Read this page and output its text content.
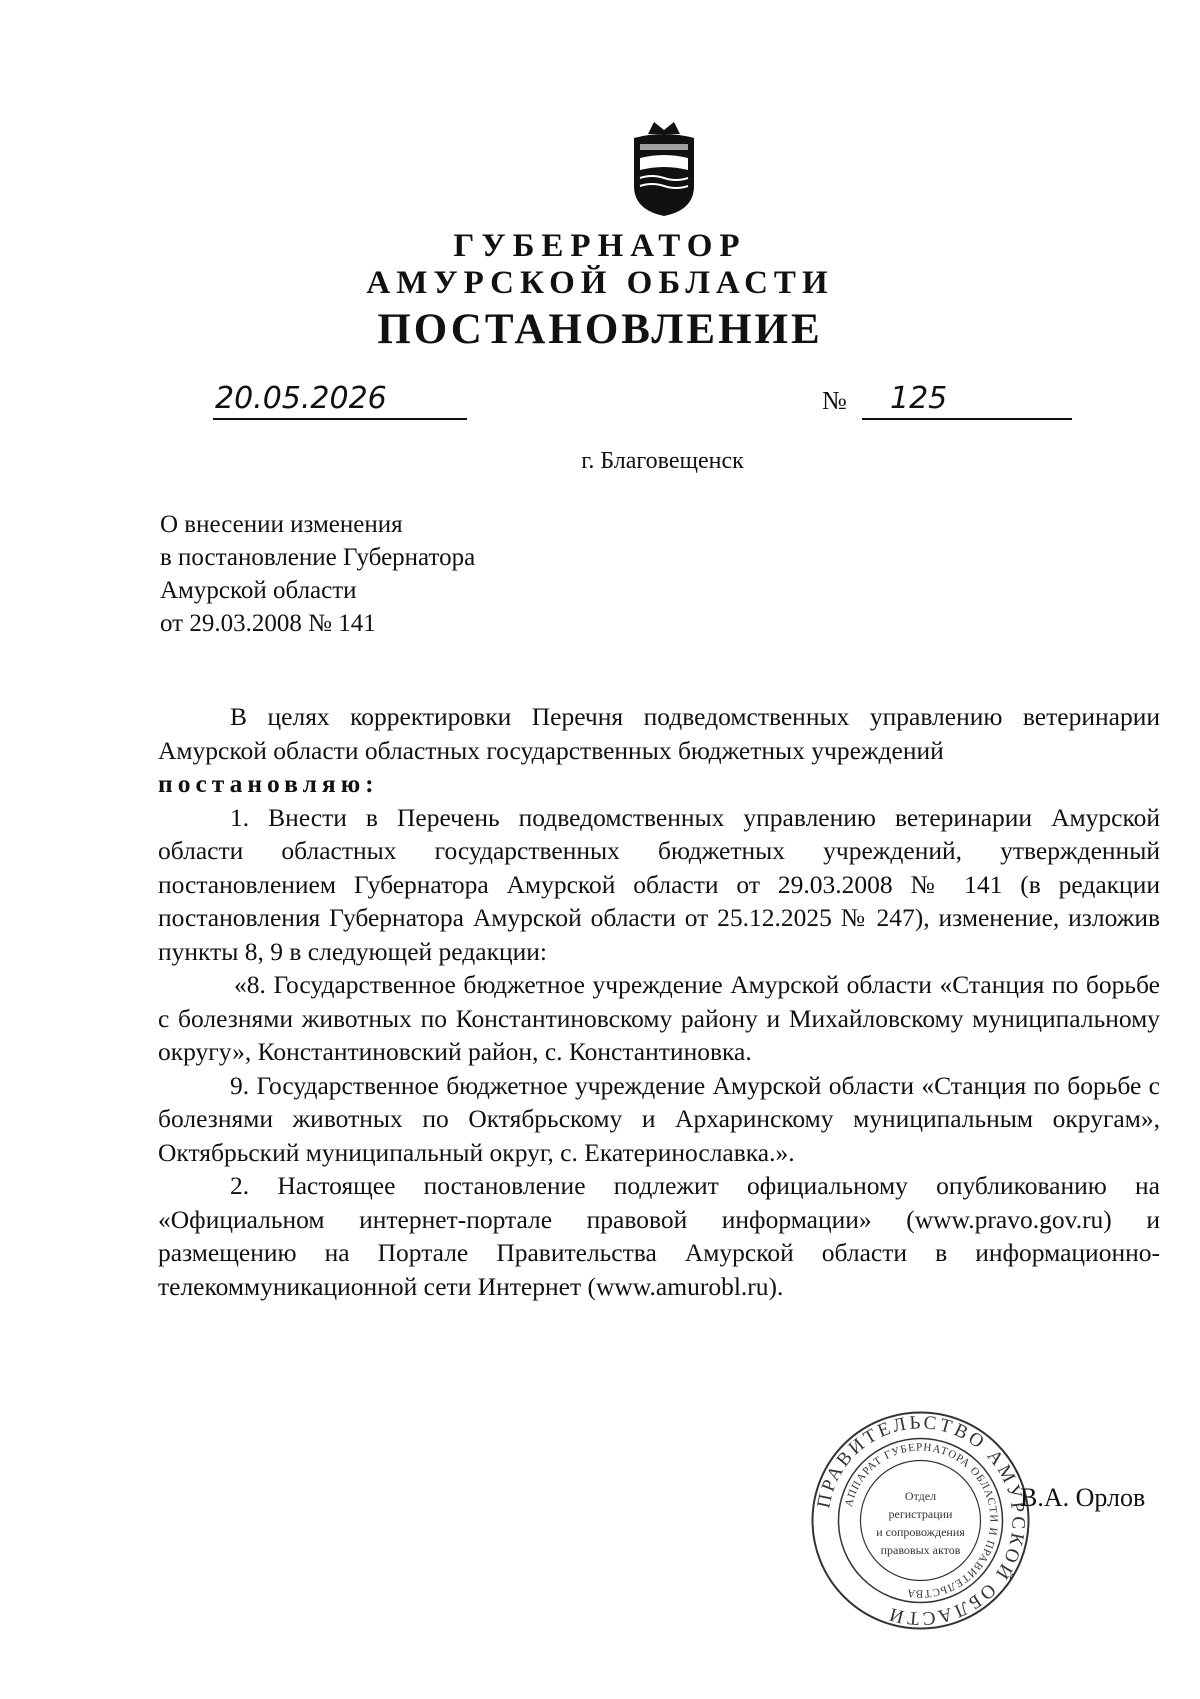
ГУБЕРНАТОР
АМУРСКОЙ ОБЛАСТИ
ПОСТАНОВЛЕНИЕ
20.05.2026	№ 125
г. Благовещенск
О внесении изменения
в постановление Губернатора
Амурской области
от 29.03.2008 № 141

В целях корректировки Перечня подведомственных управлению ветеринарии Амурской области областных государственных бюджетных учреждений

постановляю:

1. Внести в Перечень подведомственных управлению ветеринарии Амурской области областных государственных бюджетных учреждений, утвержденный постановлением Губернатора Амурской области от 29.03.2008 № 141 (в редакции постановления Губернатора Амурской области от 25.12.2025 № 247), изменение, изложив пункты 8, 9 в следующей редакции:

«8. Государственное бюджетное учреждение Амурской области «Станция по борьбе с болезнями животных по Константиновскому району и Михайловскому муниципальному округу», Константиновский район, с. Константиновка.

9. Государственное бюджетное учреждение Амурской области «Станция по борьбе с болезнями животных по Октябрьскому и Архаринскому муниципальным округам», Октябрьский муниципальный округ, с. Екатеринославка.».

2. Настоящее постановление подлежит официальному опубликованию на «Официальном интернет-портале правовой информации» (www.pravo.gov.ru) и размещению на Портале Правительства Амурской области в информационно-телекоммуникационной сети Интернет (www.amurobl.ru).

ПРАВИТЕЛЬСТВО АМУРСКОЙ ОБЛАСТИ
АППАРАТ ГУБЕРНАТОРА ОБЛАСТИ И ПРАВИТЕЛЬСТВА
Отдел
регистрации
и сопровождения
правовых актов
В.А. Орлов
